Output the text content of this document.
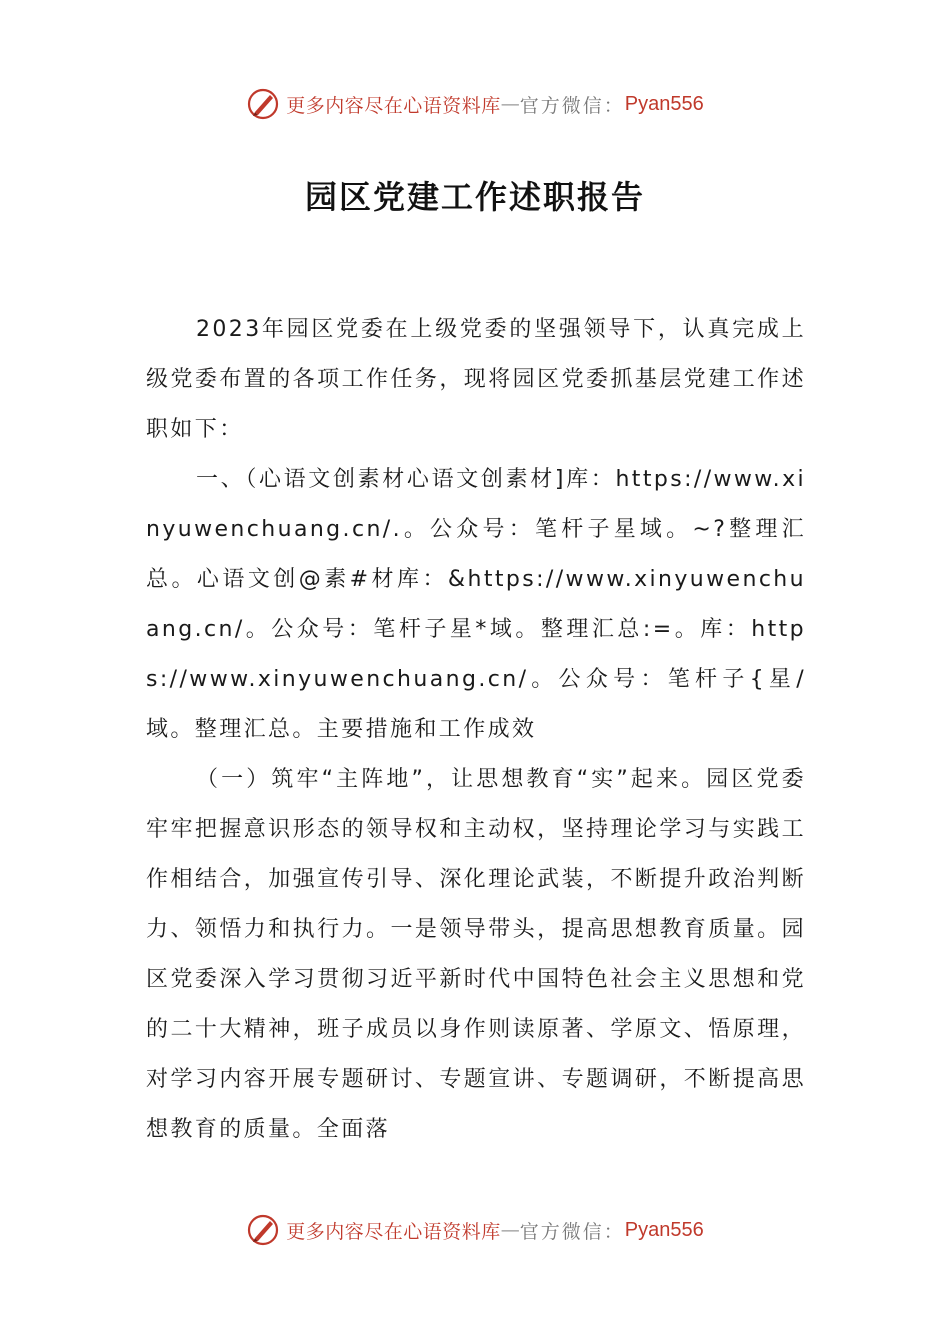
更多内容尽在心语资料库 — 官方微信： Pyan556
园区党建工作述职报告

2023年园区党委在上级党委的坚强领导下，认真完成上级党委布置的各项工作任务，现将园区党委抓基层党建工作述职如下：

一、（心语文创素材心语文创素材]库：https://www.xinyuwenchuang.cn/.。公众号：笔杆子星域。~?整理汇总。心语文创@素#材库：&https://www.xinyuwenchuang.cn/。公众号：笔杆子星*域。整理汇总:=。库：https://www.xinyuwenchuang.cn/。公众号：笔杆子{星/域。整理汇总。主要措施和工作成效

（一）筑牢“主阵地”，让思想教育“实”起来。园区党委牢牢把握意识形态的领导权和主动权，坚持理论学习与实践工作相结合，加强宣传引导、深化理论武装，不断提升政治判断力、领悟力和执行力。一是领导带头，提高思想教育质量。园区党委深入学习贯彻习近平新时代中国特色社会主义思想和党的二十大精神，班子成员以身作则读原著、学原文、悟原理，对学习内容开展专题研讨、专题宣讲、专题调研，不断提高思想教育的质量。全面落

更多内容尽在心语资料库 — 官方微信： Pyan556
